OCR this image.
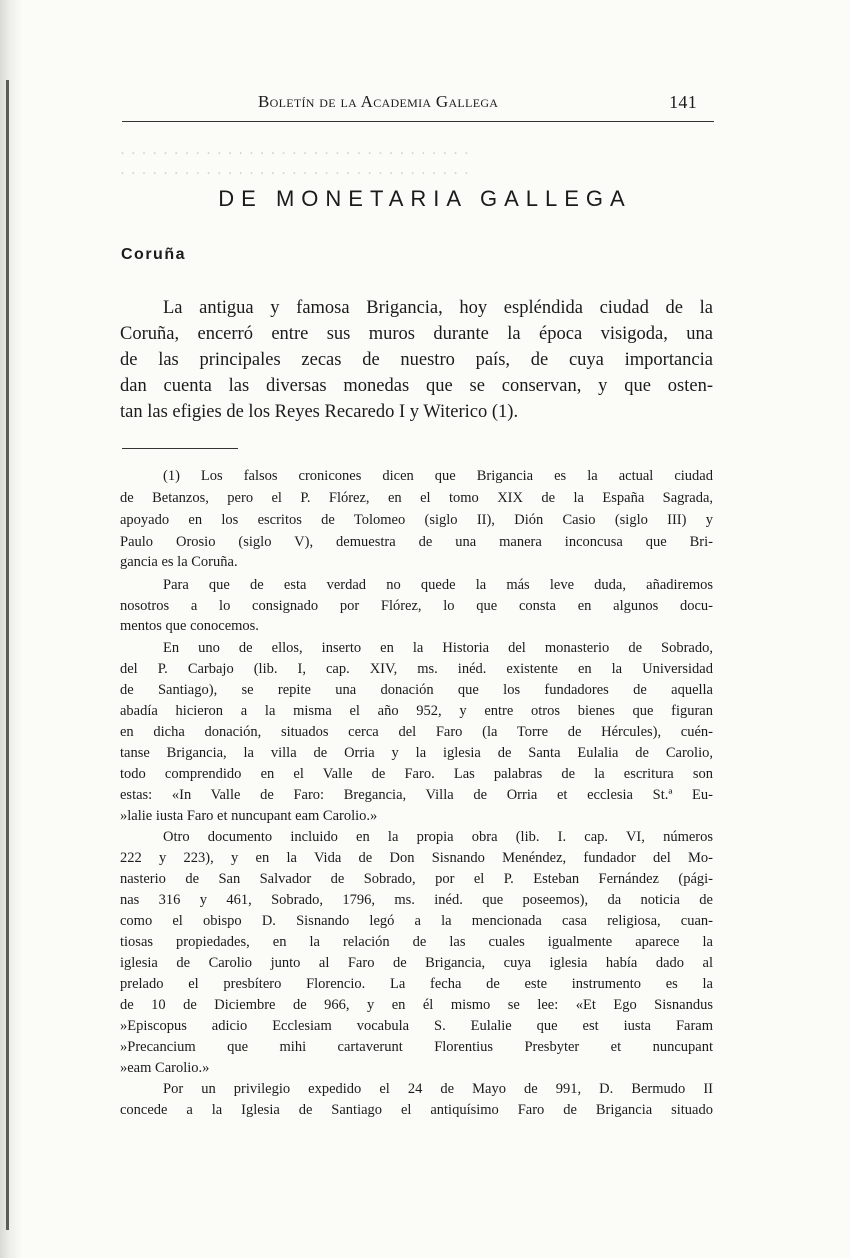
Boletín de la Academia Gallega	141
· · · · · · · · · · · · · · · · · · · · · · · · · · · · · · · · ·
· · · · · · · · · · · · · · · · · · · · · · · · · · · · · · · · ·
DE MONETARIA GALLEGA
Coruña
La antigua y famosa Brigancia, hoy espléndida ciudad de la
Coruña, encerró entre sus muros durante la época visigoda, una
de las principales zecas de nuestro país, de cuya importancia
dan cuenta las diversas monedas que se conservan, y que osten-
tan las efigies de los Reyes Recaredo I y Witerico (1).
(1) Los falsos cronicones dicen que Brigancia es la actual ciudad
de Betanzos, pero el P. Flórez, en el tomo XIX de la España Sagrada,
apoyado en los escritos de Tolomeo (siglo II), Dión Casio (siglo III) y
Paulo Orosio (siglo V), demuestra de una manera inconcusa que Bri-
gancia es la Coruña.
Para que de esta verdad no quede la más leve duda, añadiremos
nosotros a lo consignado por Flórez, lo que consta en algunos docu-
mentos que conocemos.
En uno de ellos, inserto en la Historia del monasterio de Sobrado,
del P. Carbajo (lib. I, cap. XIV, ms. inéd. existente en la Universidad
de Santiago), se repite una donación que los fundadores de aquella
abadía hicieron a la misma el año 952, y entre otros bienes que figuran
en dicha donación, situados cerca del Faro (la Torre de Hércules), cuén-
tanse Brigancia, la villa de Orria y la iglesia de Santa Eulalia de Carolio,
todo comprendido en el Valle de Faro. Las palabras de la escritura son
estas: «In Valle de Faro: Bregancia, Villa de Orria et ecclesia St.ª Eu-
»lalie iusta Faro et nuncupant eam Carolio.»
Otro documento incluido en la propia obra (lib. I. cap. VI, números
222 y 223), y en la Vida de Don Sisnando Menéndez, fundador del Mo-
nasterio de San Salvador de Sobrado, por el P. Esteban Fernández (pági-
nas 316 y 461, Sobrado, 1796, ms. inéd. que poseemos), da noticia de
como el obispo D. Sisnando legó a la mencionada casa religiosa, cuan-
tiosas propiedades, en la relación de las cuales igualmente aparece la
iglesia de Carolio junto al Faro de Brigancia, cuya iglesia había dado al
prelado el presbítero Florencio. La fecha de este instrumento es la
de 10 de Diciembre de 966, y en él mismo se lee: «Et Ego Sisnandus
»Episcopus adicio Ecclesiam vocabula S. Eulalie que est iusta Faram
»Precancium que mihi cartaverunt Florentius Presbyter et nuncupant
»eam Carolio.»
Por un privilegio expedido el 24 de Mayo de 991, D. Bermudo II
concede a la Iglesia de Santiago el antiquísimo Faro de Brigancia situado
